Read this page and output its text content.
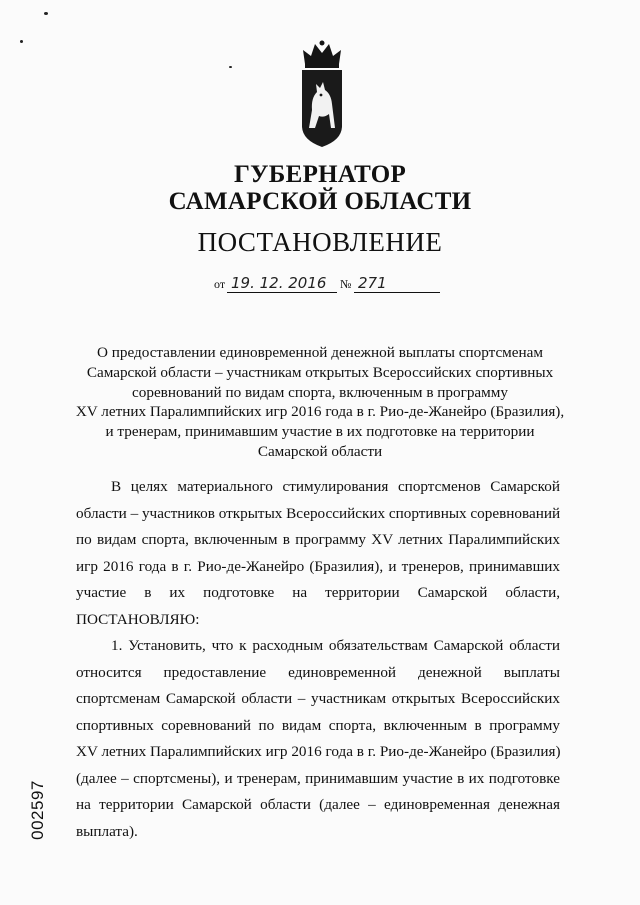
ГУБЕРНАТОР
САМАРСКОЙ ОБЛАСТИ
ПОСТАНОВЛЕНИЕ
от 19. 12. 2016	№ 271
О предоставлении единовременной денежной выплаты спортсменам
Самарской области – участникам открытых Всероссийских спортивных
соревнований по видам спорта, включенным в программу
XV летних Паралимпийских игр 2016 года в г. Рио-де-Жанейро (Бразилия),
и тренерам, принимавшим участие в их подготовке на территории
Самарской области
В целях материального стимулирования спортсменов Самарской
области – участников открытых Всероссийских спортивных соревнований
по видам спорта, включенным в программу XV летних Паралимпийских
игр 2016 года в г. Рио-де-Жанейро (Бразилия), и тренеров, принимавших
участие в их подготовке на территории Самарской области,
ПОСТАНОВЛЯЮ:
1. Установить, что к расходным обязательствам Самарской области
относится предоставление единовременной денежной выплаты
спортсменам Самарской области – участникам открытых Всероссийских
спортивных соревнований по видам спорта, включенным в программу
XV летних Паралимпийских игр 2016 года в г. Рио-де-Жанейро (Бразилия)
(далее – спортсмены), и тренерам, принимавшим участие в их подготовке
на территории Самарской области (далее – единовременная денежная
выплата).
002597
